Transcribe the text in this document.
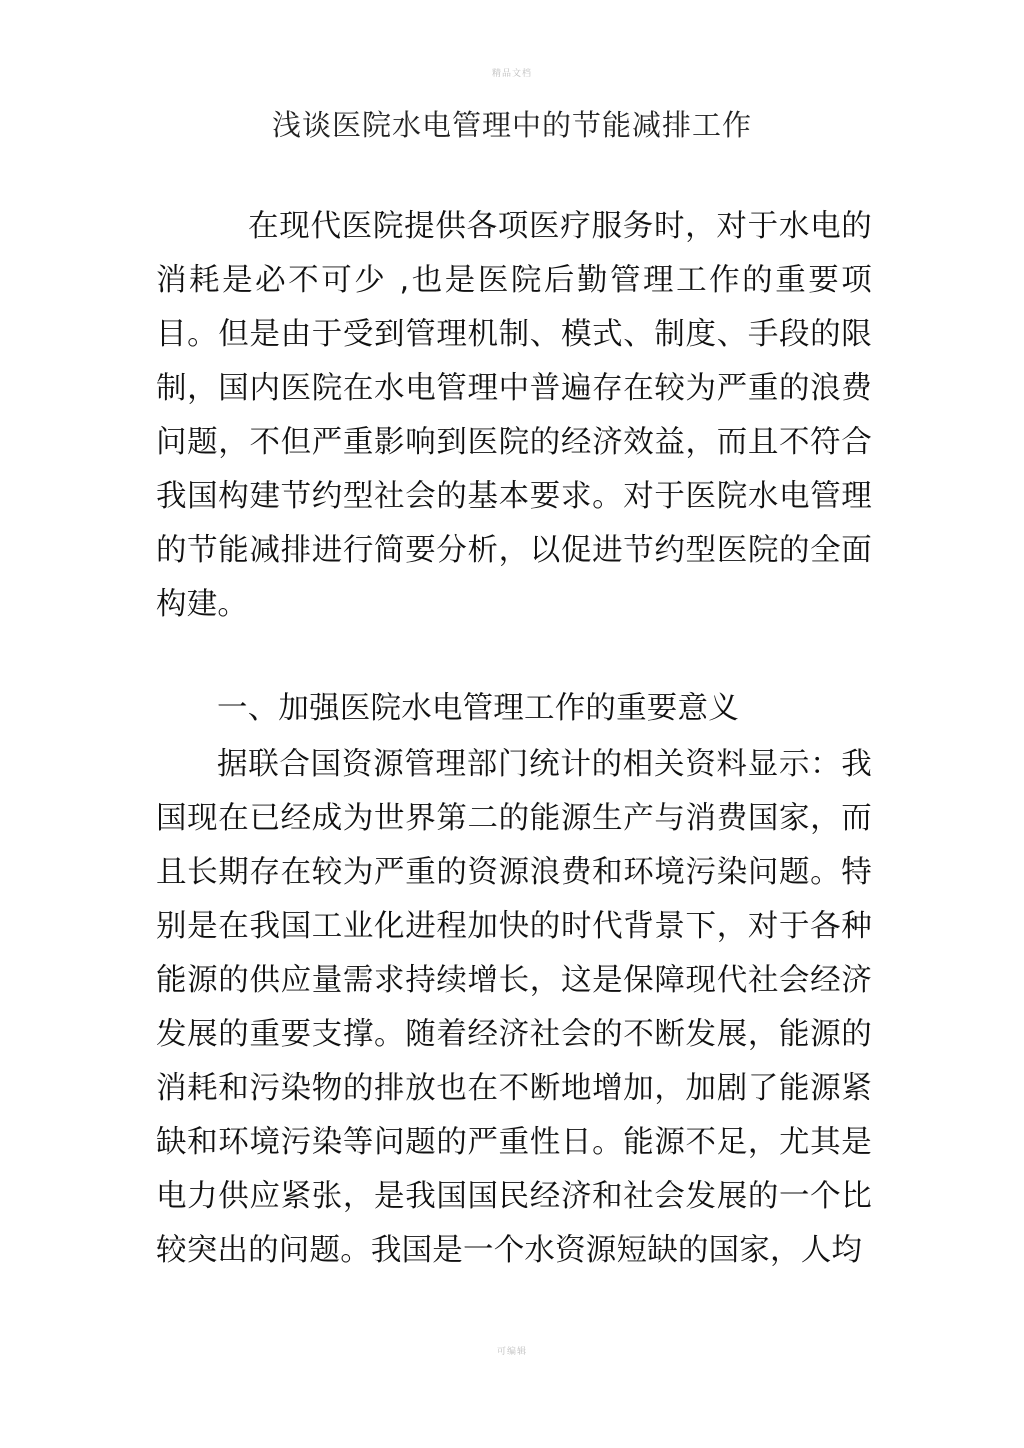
精品文档
浅谈医院水电管理中的节能减排工作

在现代医院提供各项医疗服务时，对于水电的消耗是必不可少 ,也是医院后勤管理工作的重要项目。但是由于受到管理机制、模式、制度、手段的限制，国内医院在水电管理中普遍存在较为严重的浪费问题，不但严重影响到医院的经济效益，而且不符合我国构建节约型社会的基本要求。对于医院水电管理的节能减排进行简要分析，以促进节约型医院的全面构建。

一、加强医院水电管理工作的重要意义

据联合国资源管理部门统计的相关资料显示：我国现在已经成为世界第二的能源生产与消费国家，而且长期存在较为严重的资源浪费和环境污染问题。特别是在我国工业化进程加快的时代背景下，对于各种能源的供应量需求持续增长，这是保障现代社会经济发展的重要支撑。随着经济社会的不断发展，能源的消耗和污染物的排放也在不断地增加，加剧了能源紧缺和环境污染等问题的严重性日。能源不足，尤其是电力供应紧张，是我国国民经济和社会发展的一个比较突出的问题。我国是一个水资源短缺的国家，人均

可编辑
